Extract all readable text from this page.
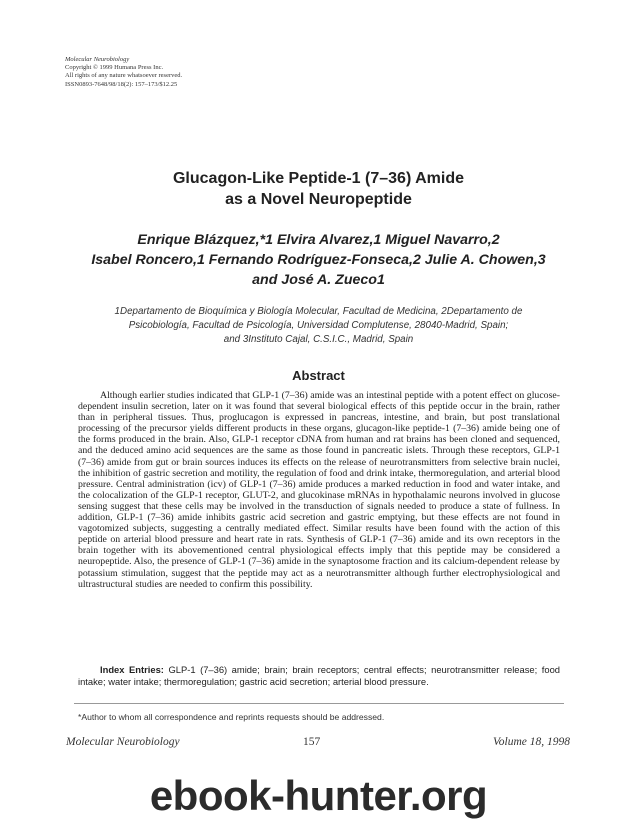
Molecular Neurobiology
Copyright © 1999 Humana Press Inc.
All rights of any nature whatsoever reserved.
ISSN0893-7648/98/18(2): 157–173/$12.25
Glucagon-Like Peptide-1 (7–36) Amide
as a Novel Neuropeptide
Enrique Blázquez,*1 Elvira Alvarez,1 Miguel Navarro,2
Isabel Roncero,1 Fernando Rodríguez-Fonseca,2 Julie A. Chowen,3
and José A. Zueco1
1Departamento de Bioquímica y Biología Molecular, Facultad de Medicina, 2Departamento de
Psicobiología, Facultad de Psicología, Universidad Complutense, 28040-Madrid, Spain;
and 3Instituto Cajal, C.S.I.C., Madrid, Spain
Abstract

Although earlier studies indicated that GLP-1 (7–36) amide was an intestinal peptide with a potent effect on glucose-dependent insulin secretion, later on it was found that several biological effects of this peptide occur in the brain, rather than in peripheral tissues. Thus, proglucagon is expressed in pancreas, intestine, and brain, but post translational processing of the precursor yields different products in these organs, glucagon-like peptide-1 (7–36) amide being one of the forms produced in the brain. Also, GLP-1 receptor cDNA from human and rat brains has been cloned and sequenced, and the deduced amino acid sequences are the same as those found in pancreatic islets. Through these receptors, GLP-1 (7–36) amide from gut or brain sources induces its effects on the release of neurotransmitters from selective brain nuclei, the inhibition of gastric secretion and motility, the regulation of food and drink intake, thermoregulation, and arterial blood pressure. Central administration (icv) of GLP-1 (7–36) amide produces a marked reduction in food and water intake, and the colocalization of the GLP-1 receptor, GLUT-2, and glucokinase mRNAs in hypothalamic neurons involved in glucose sensing suggest that these cells may be involved in the transduction of signals needed to produce a state of fullness. In addition, GLP-1 (7–36) amide inhibits gastric acid secretion and gastric emptying, but these effects are not found in vagotomized subjects, suggesting a centrally mediated effect. Similar results have been found with the action of this peptide on arterial blood pressure and heart rate in rats. Synthesis of GLP-1 (7–36) amide and its own receptors in the brain together with its abovementioned central physiological effects imply that this peptide may be considered a neuropeptide. Also, the presence of GLP-1 (7–36) amide in the synaptosome fraction and its calcium-dependent release by potassium stimulation, suggest that the peptide may act as a neurotransmitter although further electrophysiological and ultrastructural studies are needed to confirm this possibility.

Index Entries: GLP-1 (7–36) amide; brain; brain receptors; central effects; neurotransmitter release; food intake; water intake; thermoregulation; gastric acid secretion; arterial blood pressure.

*Author to whom all correspondence and reprints requests should be addressed.
Molecular Neurobiology	157	Volume 18, 1998
ebook-hunter.org
